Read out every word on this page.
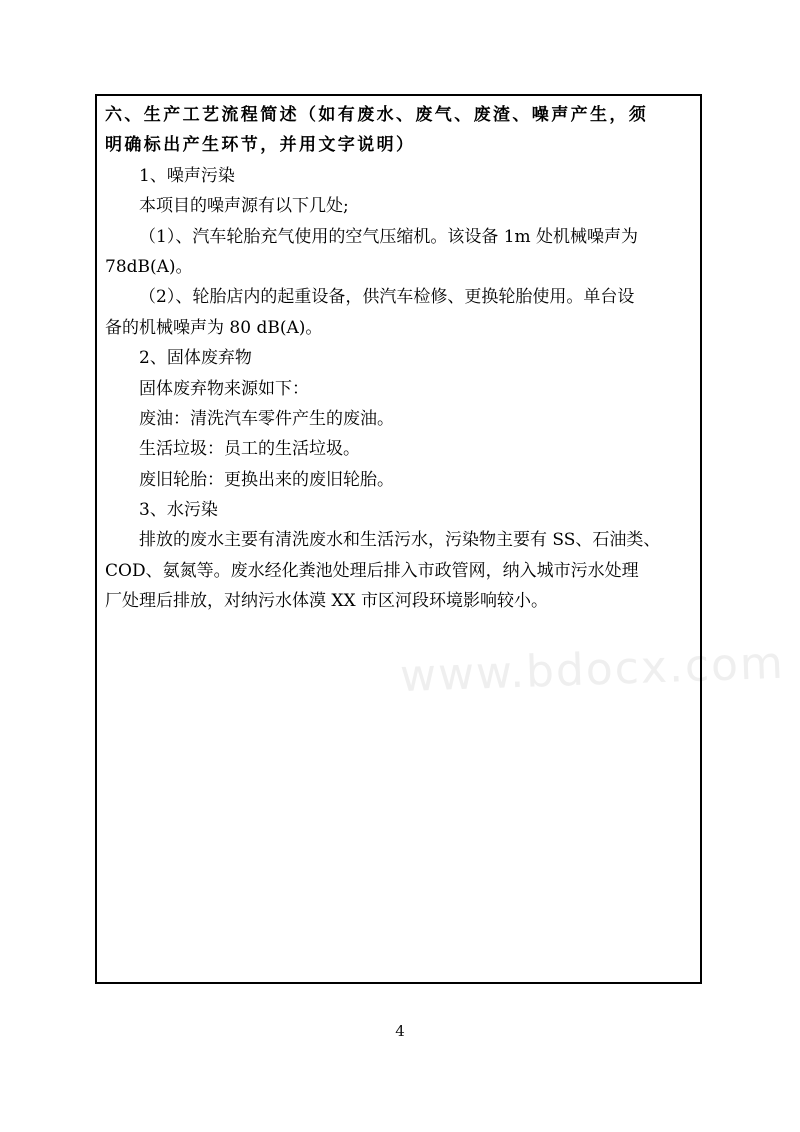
www.bdocx.com
六、生产工艺流程简述（如有废水、废气、废渣、噪声产生，须
明确标出产生环节，并用文字说明）
1、噪声污染
本项目的噪声源有以下几处;
（1）、汽车轮胎充气使用的空气压缩机。该设备 1m 处机械噪声为
78dB(A)。
（2）、轮胎店内的起重设备，供汽车检修、更换轮胎使用。单台设
备的机械噪声为 80 dB(A)。
2、固体废弃物
固体废弃物来源如下：
废油：清洗汽车零件产生的废油。
生活垃圾：员工的生活垃圾。
废旧轮胎：更换出来的废旧轮胎。
3、水污染
排放的废水主要有清洗废水和生活污水，污染物主要有 SS、石油类、
COD、氨氮等。废水经化粪池处理后排入市政管网，纳入城市污水处理
厂处理后排放，对纳污水体漠 XX 市区河段环境影响较小。
4
